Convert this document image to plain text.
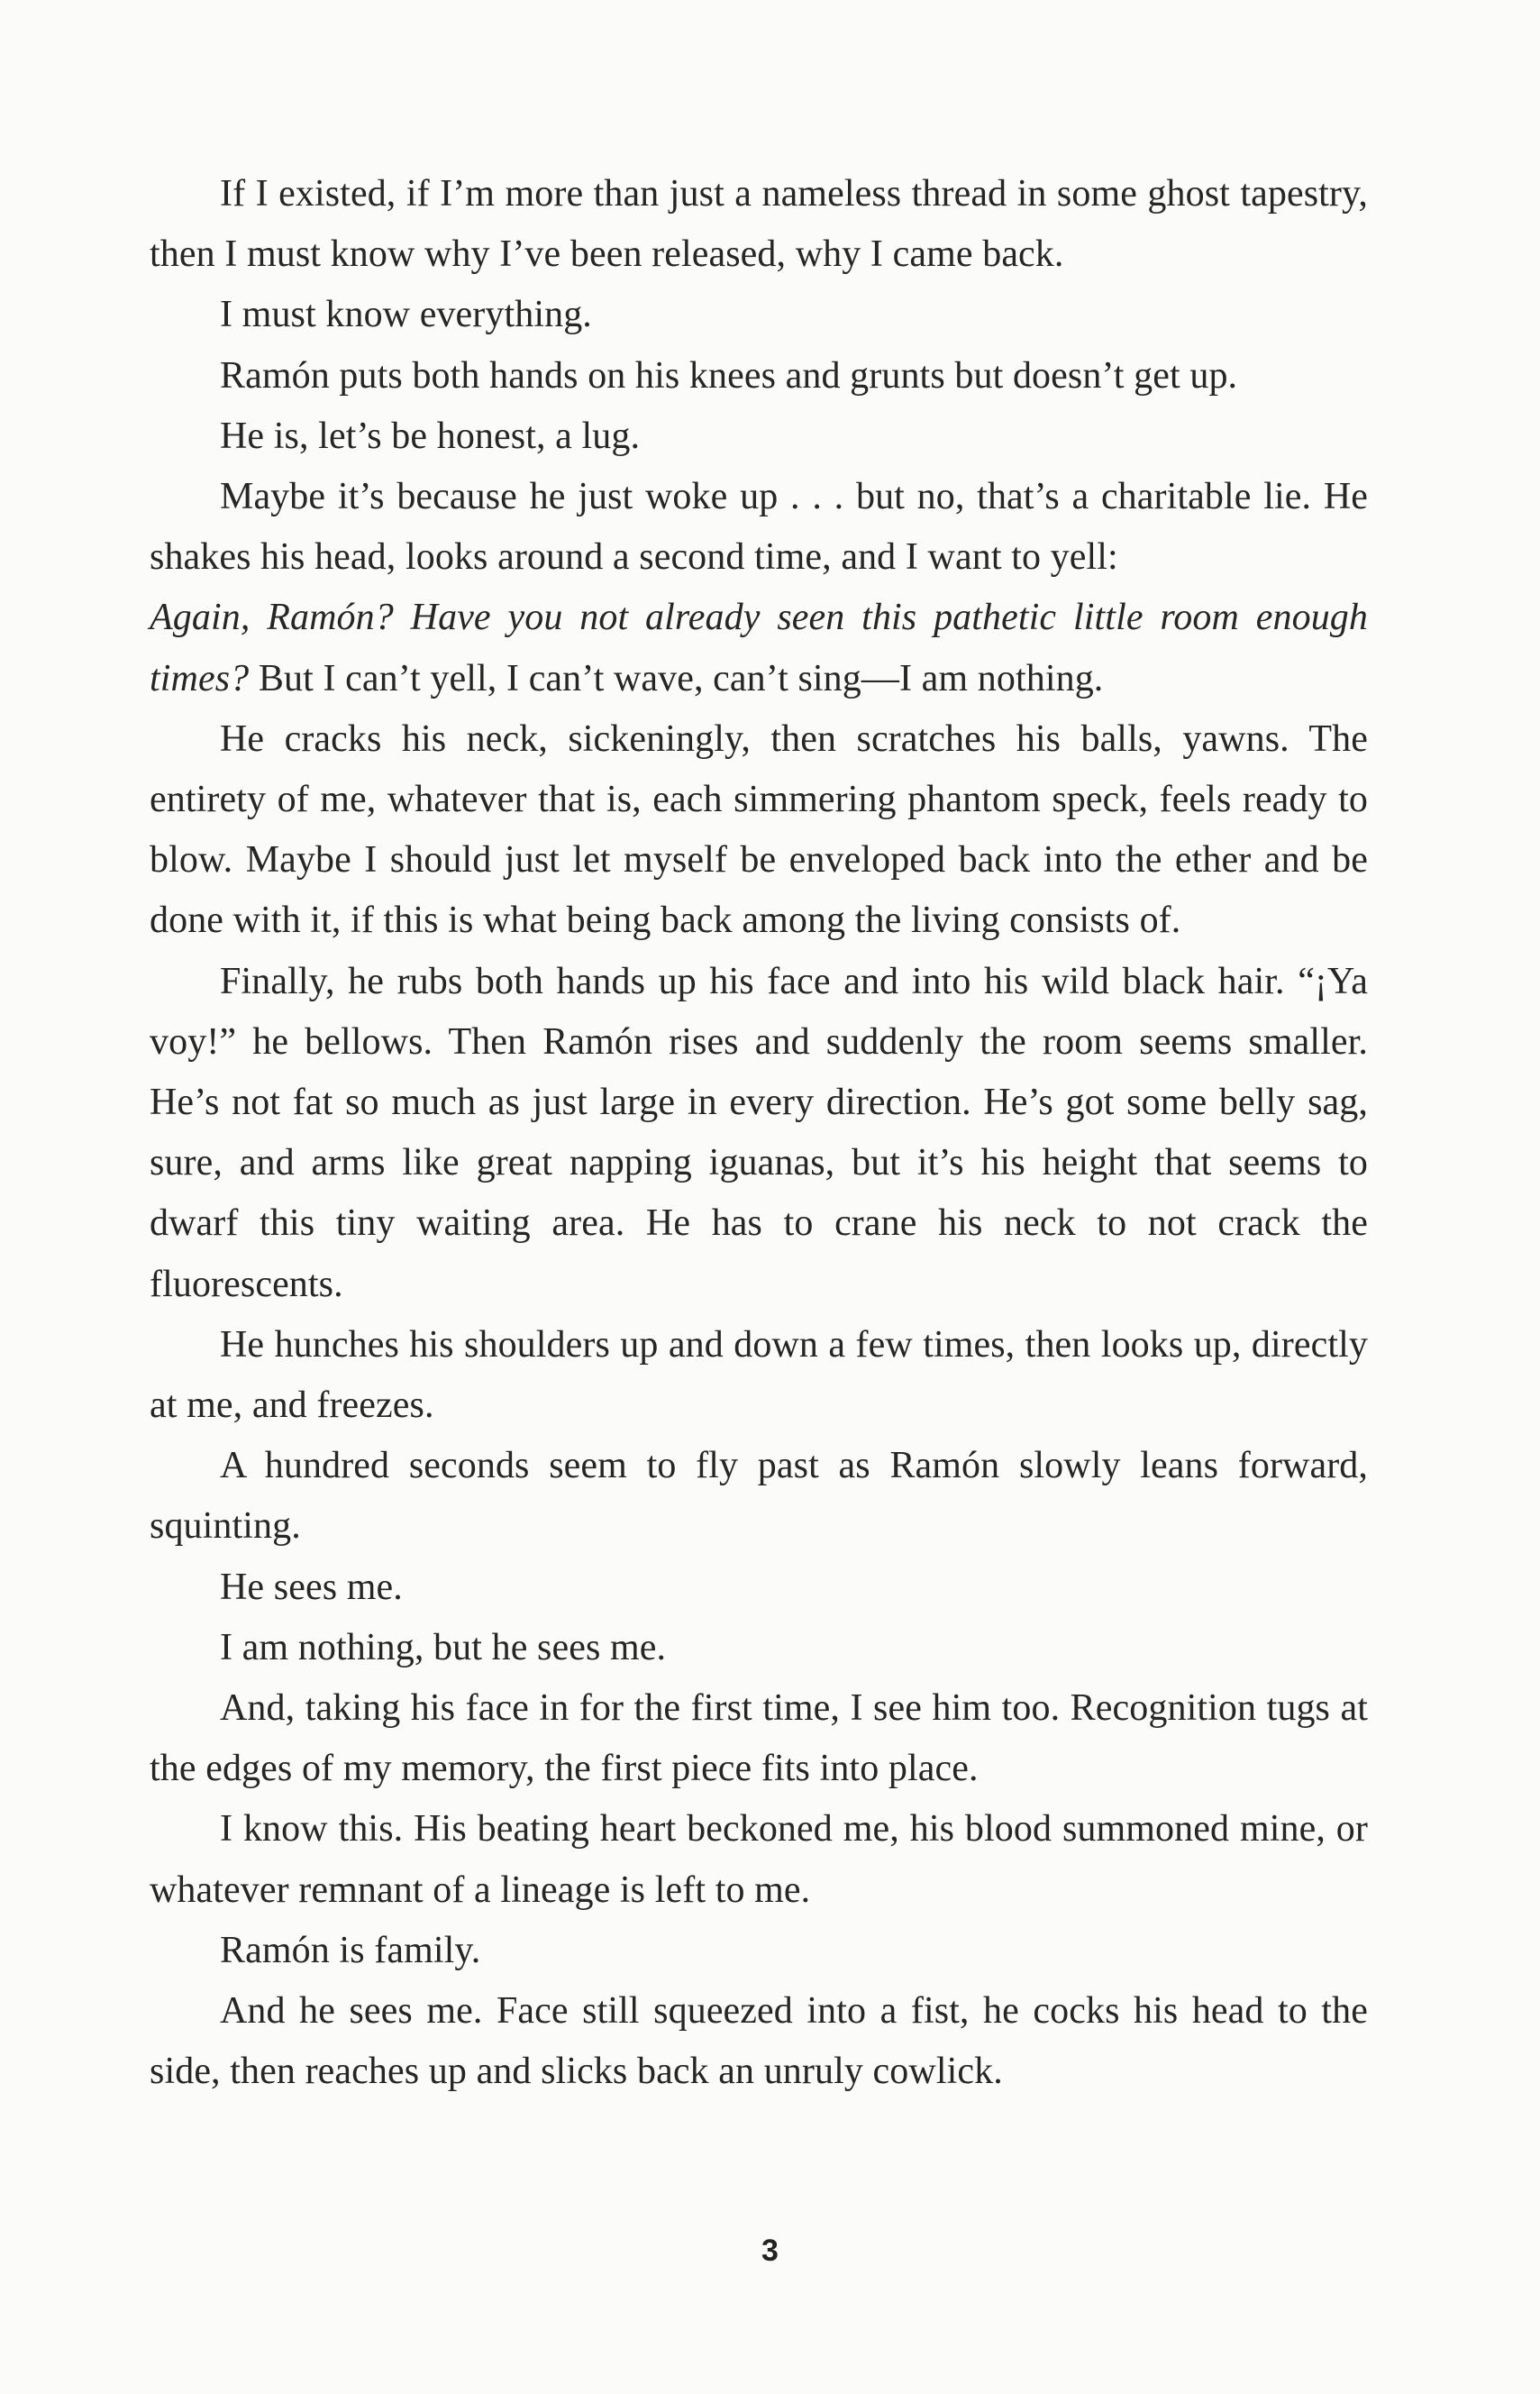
If I existed, if I’m more than just a nameless thread in some ghost tapestry, then I must know why I’ve been released, why I came back.

I must know everything.

Ramón puts both hands on his knees and grunts but doesn’t get up.

He is, let’s be honest, a lug.

Maybe it’s because he just woke up . . . but no, that’s a charitable lie. He shakes his head, looks around a second time, and I want to yell:

Again, Ramón? Have you not already seen this pathetic little room enough times? But I can’t yell, I can’t wave, can’t sing—I am nothing.

He cracks his neck, sickeningly, then scratches his balls, yawns. The entirety of me, whatever that is, each simmering phantom speck, feels ready to blow. Maybe I should just let myself be enveloped back into the ether and be done with it, if this is what being back among the living consists of.

Finally, he rubs both hands up his face and into his wild black hair. “¡Ya voy!” he bellows. Then Ramón rises and suddenly the room seems smaller. He’s not fat so much as just large in every direction. He’s got some belly sag, sure, and arms like great napping iguanas, but it’s his height that seems to dwarf this tiny waiting area. He has to crane his neck to not crack the fluorescents.

He hunches his shoulders up and down a few times, then looks up, directly at me, and freezes.

A hundred seconds seem to fly past as Ramón slowly leans forward, squinting.

He sees me.

I am nothing, but he sees me.

And, taking his face in for the first time, I see him too. Recognition tugs at the edges of my memory, the first piece fits into place.

I know this. His beating heart beckoned me, his blood summoned mine, or whatever remnant of a lineage is left to me.

Ramón is family.

And he sees me. Face still squeezed into a fist, he cocks his head to the side, then reaches up and slicks back an unruly cowlick.

3
